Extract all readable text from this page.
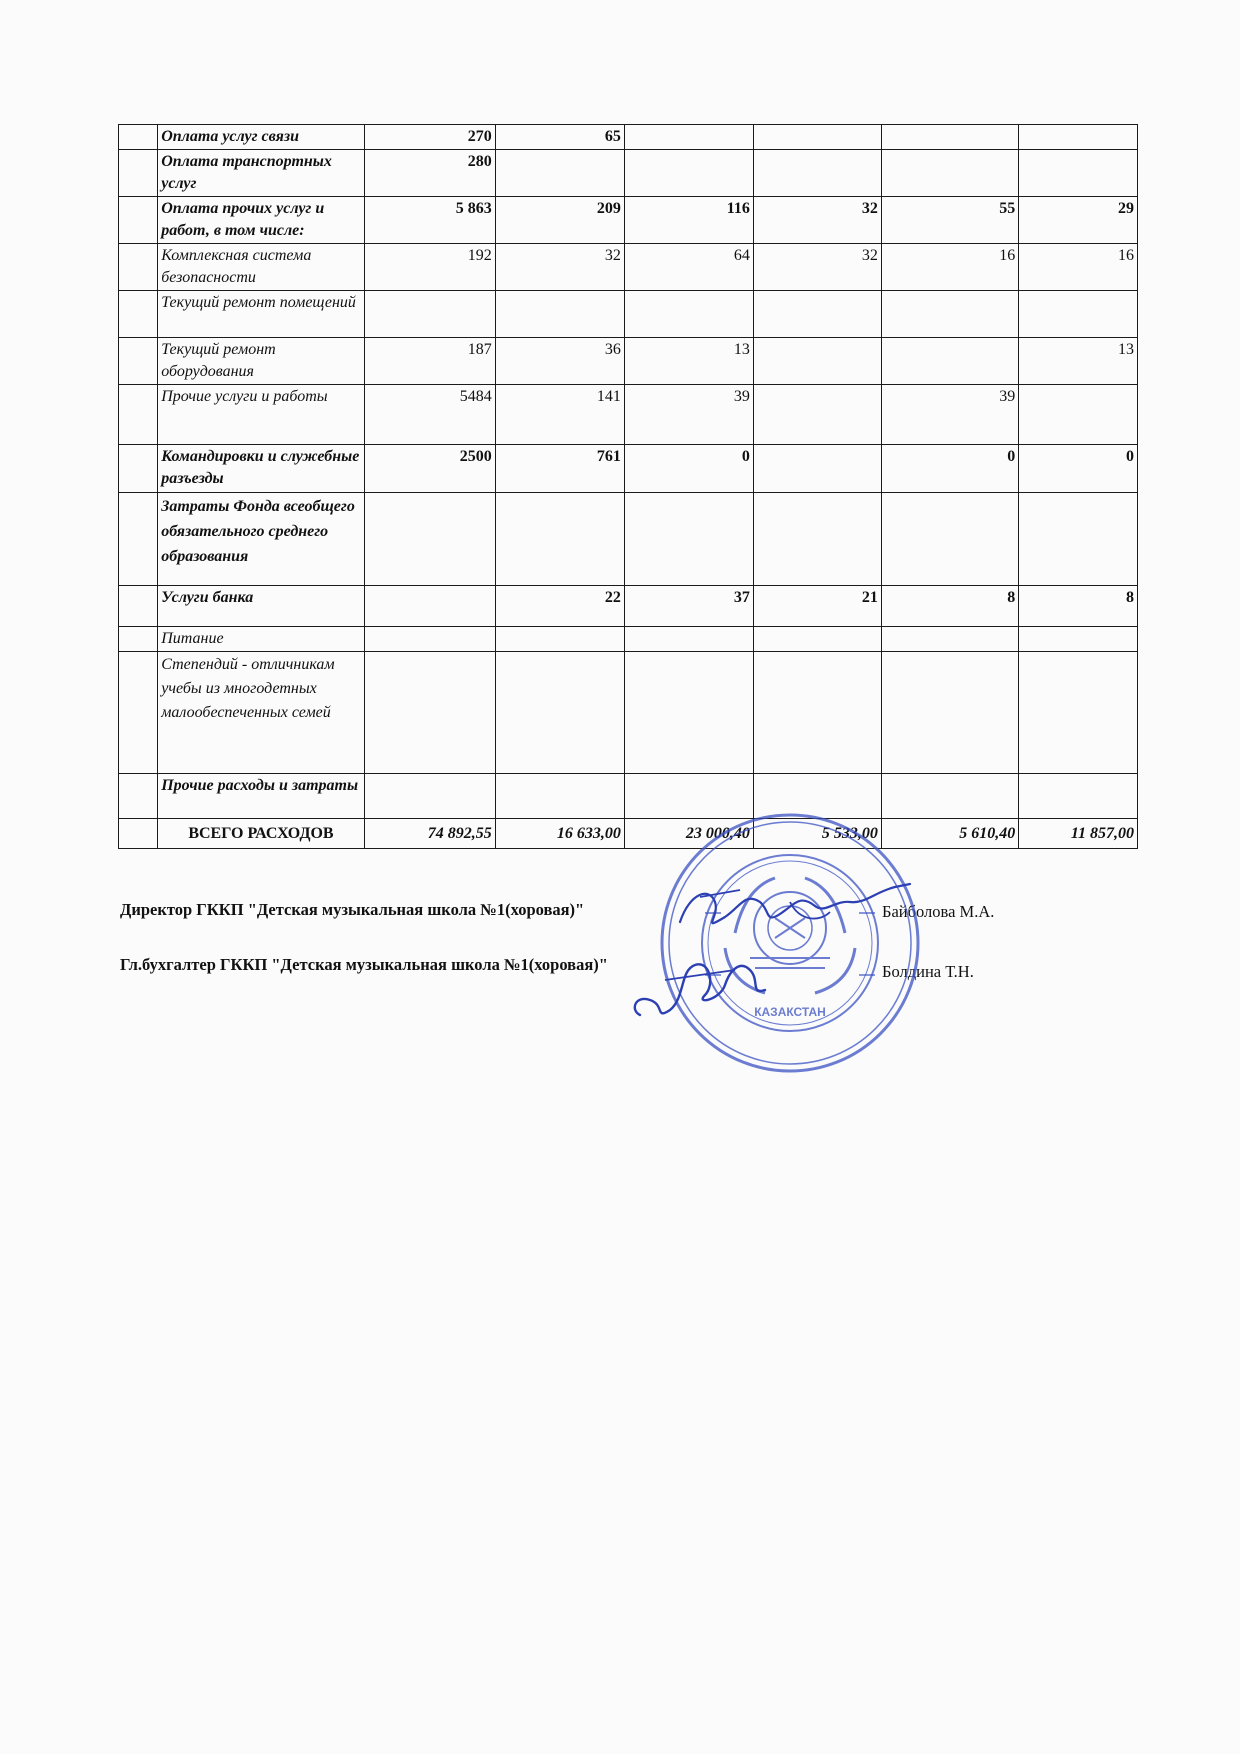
	Оплата услуг связи	270	65				
	Оплата транспортных услуг	280					
	Оплата прочих услуг и работ, в том числе:	5 863	209	116	32	55	29
	Комплексная система безопасности	192	32	64	32	16	16
	Текущий ремонт помещений						
	Текущий ремонт оборудования	187	36	13			13
	Прочие услуги и работы	5484	141	39		39	
	Командировки и служебные разъезды	2500	761	0		0	0
	Затраты Фонда всеобщего обязательного среднего образования						
	Услуги банка		22	37	21	8	8
	Питание						
	Степендий - отличникам учебы из многодетных малообеспеченных семей						
	Прочие расходы и затраты						
	ВСЕГО РАСХОДОВ	74 892,55	16 633,00	23 000,40	5 533,00	5 610,40	11 857,00
Директор ГККП "Детская музыкальная школа №1(хоровая)"	Байболова М.А.
Гл.бухгалтер ГККП "Детская музыкальная школа №1(хоровая)"	Болдина Т.Н.
КАЗАКСТАН
